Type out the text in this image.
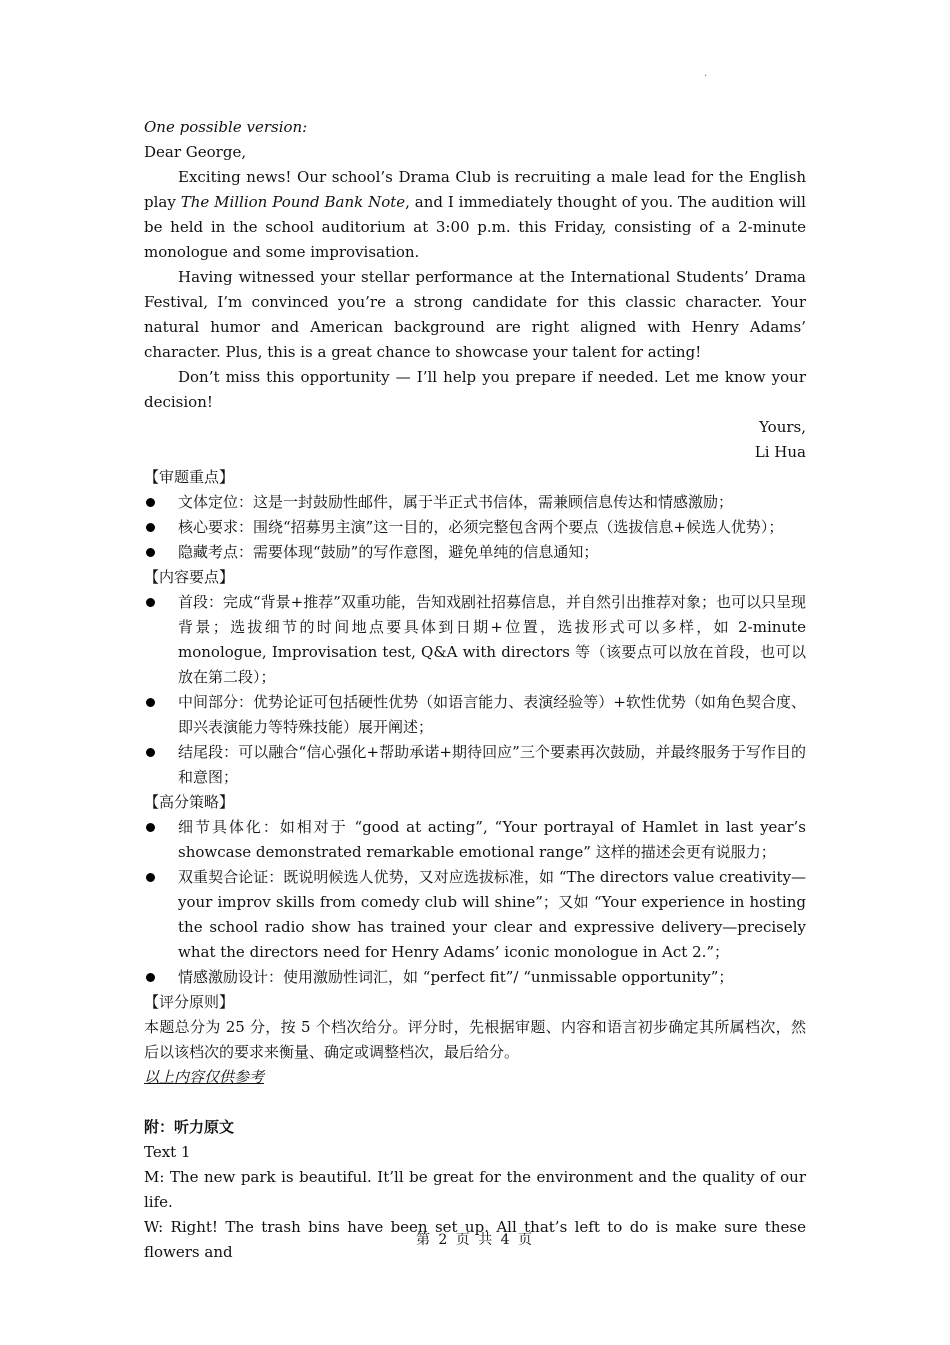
.

One possible version:

Dear George,

Exciting news! Our school’s Drama Club is recruiting a male lead for the English play The Million Pound Bank Note, and I immediately thought of you. The audition will be held in the school auditorium at 3:00 p.m. this Friday, consisting of a 2-minute monologue and some improvisation.

Having witnessed your stellar performance at the International Students’ Drama Festival, I’m convinced you’re a strong candidate for this classic character. Your natural humor and American background are right aligned with Henry Adams’ character. Plus, this is a great chance to showcase your talent for acting!

Don’t miss this opportunity — I’ll help you prepare if needed. Let me know your decision!

Yours,

Li Hua

【审题重点】

文体定位：这是一封鼓励性邮件，属于半正式书信体，需兼顾信息传达和情感激励；

核心要求：围绕“招募男主演”这一目的，必须完整包含两个要点（选拔信息+候选人优势）；

隐藏考点：需要体现“鼓励”的写作意图，避免单纯的信息通知；

【内容要点】

首段：完成“背景+推荐”双重功能，告知戏剧社招募信息，并自然引出推荐对象；也可以只呈现背景；选拔细节的时间地点要具体到日期+位置，选拔形式可以多样，如 2-minute monologue, Improvisation test, Q&A with directors 等（该要点可以放在首段，也可以放在第二段）；

中间部分：优势论证可包括硬性优势（如语言能力、表演经验等）+软性优势（如角色契合度、即兴表演能力等特殊技能）展开阐述；

结尾段：可以融合“信心强化+帮助承诺+期待回应”三个要素再次鼓励，并最终服务于写作目的和意图；

【高分策略】

细节具体化：如相对于 “good at acting”, “Your portrayal of Hamlet in last year’s showcase demonstrated remarkable emotional range” 这样的描述会更有说服力；

双重契合论证：既说明候选人优势，又对应选拔标准，如 “The directors value creativity—your improv skills from comedy club will shine”；又如 “Your experience in hosting the school radio show has trained your clear and expressive delivery—precisely what the directors need for Henry Adams’ iconic monologue in Act 2.”；

情感激励设计：使用激励性词汇，如 “perfect fit”/ “unmissable opportunity”；

【评分原则】

本题总分为 25 分，按 5 个档次给分。评分时，先根据审题、内容和语言初步确定其所属档次，然后以该档次的要求来衡量、确定或调整档次，最后给分。

以上内容仅供参考

附：听力原文

Text 1

M: The new park is beautiful. It’ll be great for the environment and the quality of our life.

W: Right! The trash bins have been set up. All that’s left to do is make sure these flowers and

第 2 页 共 4 页
